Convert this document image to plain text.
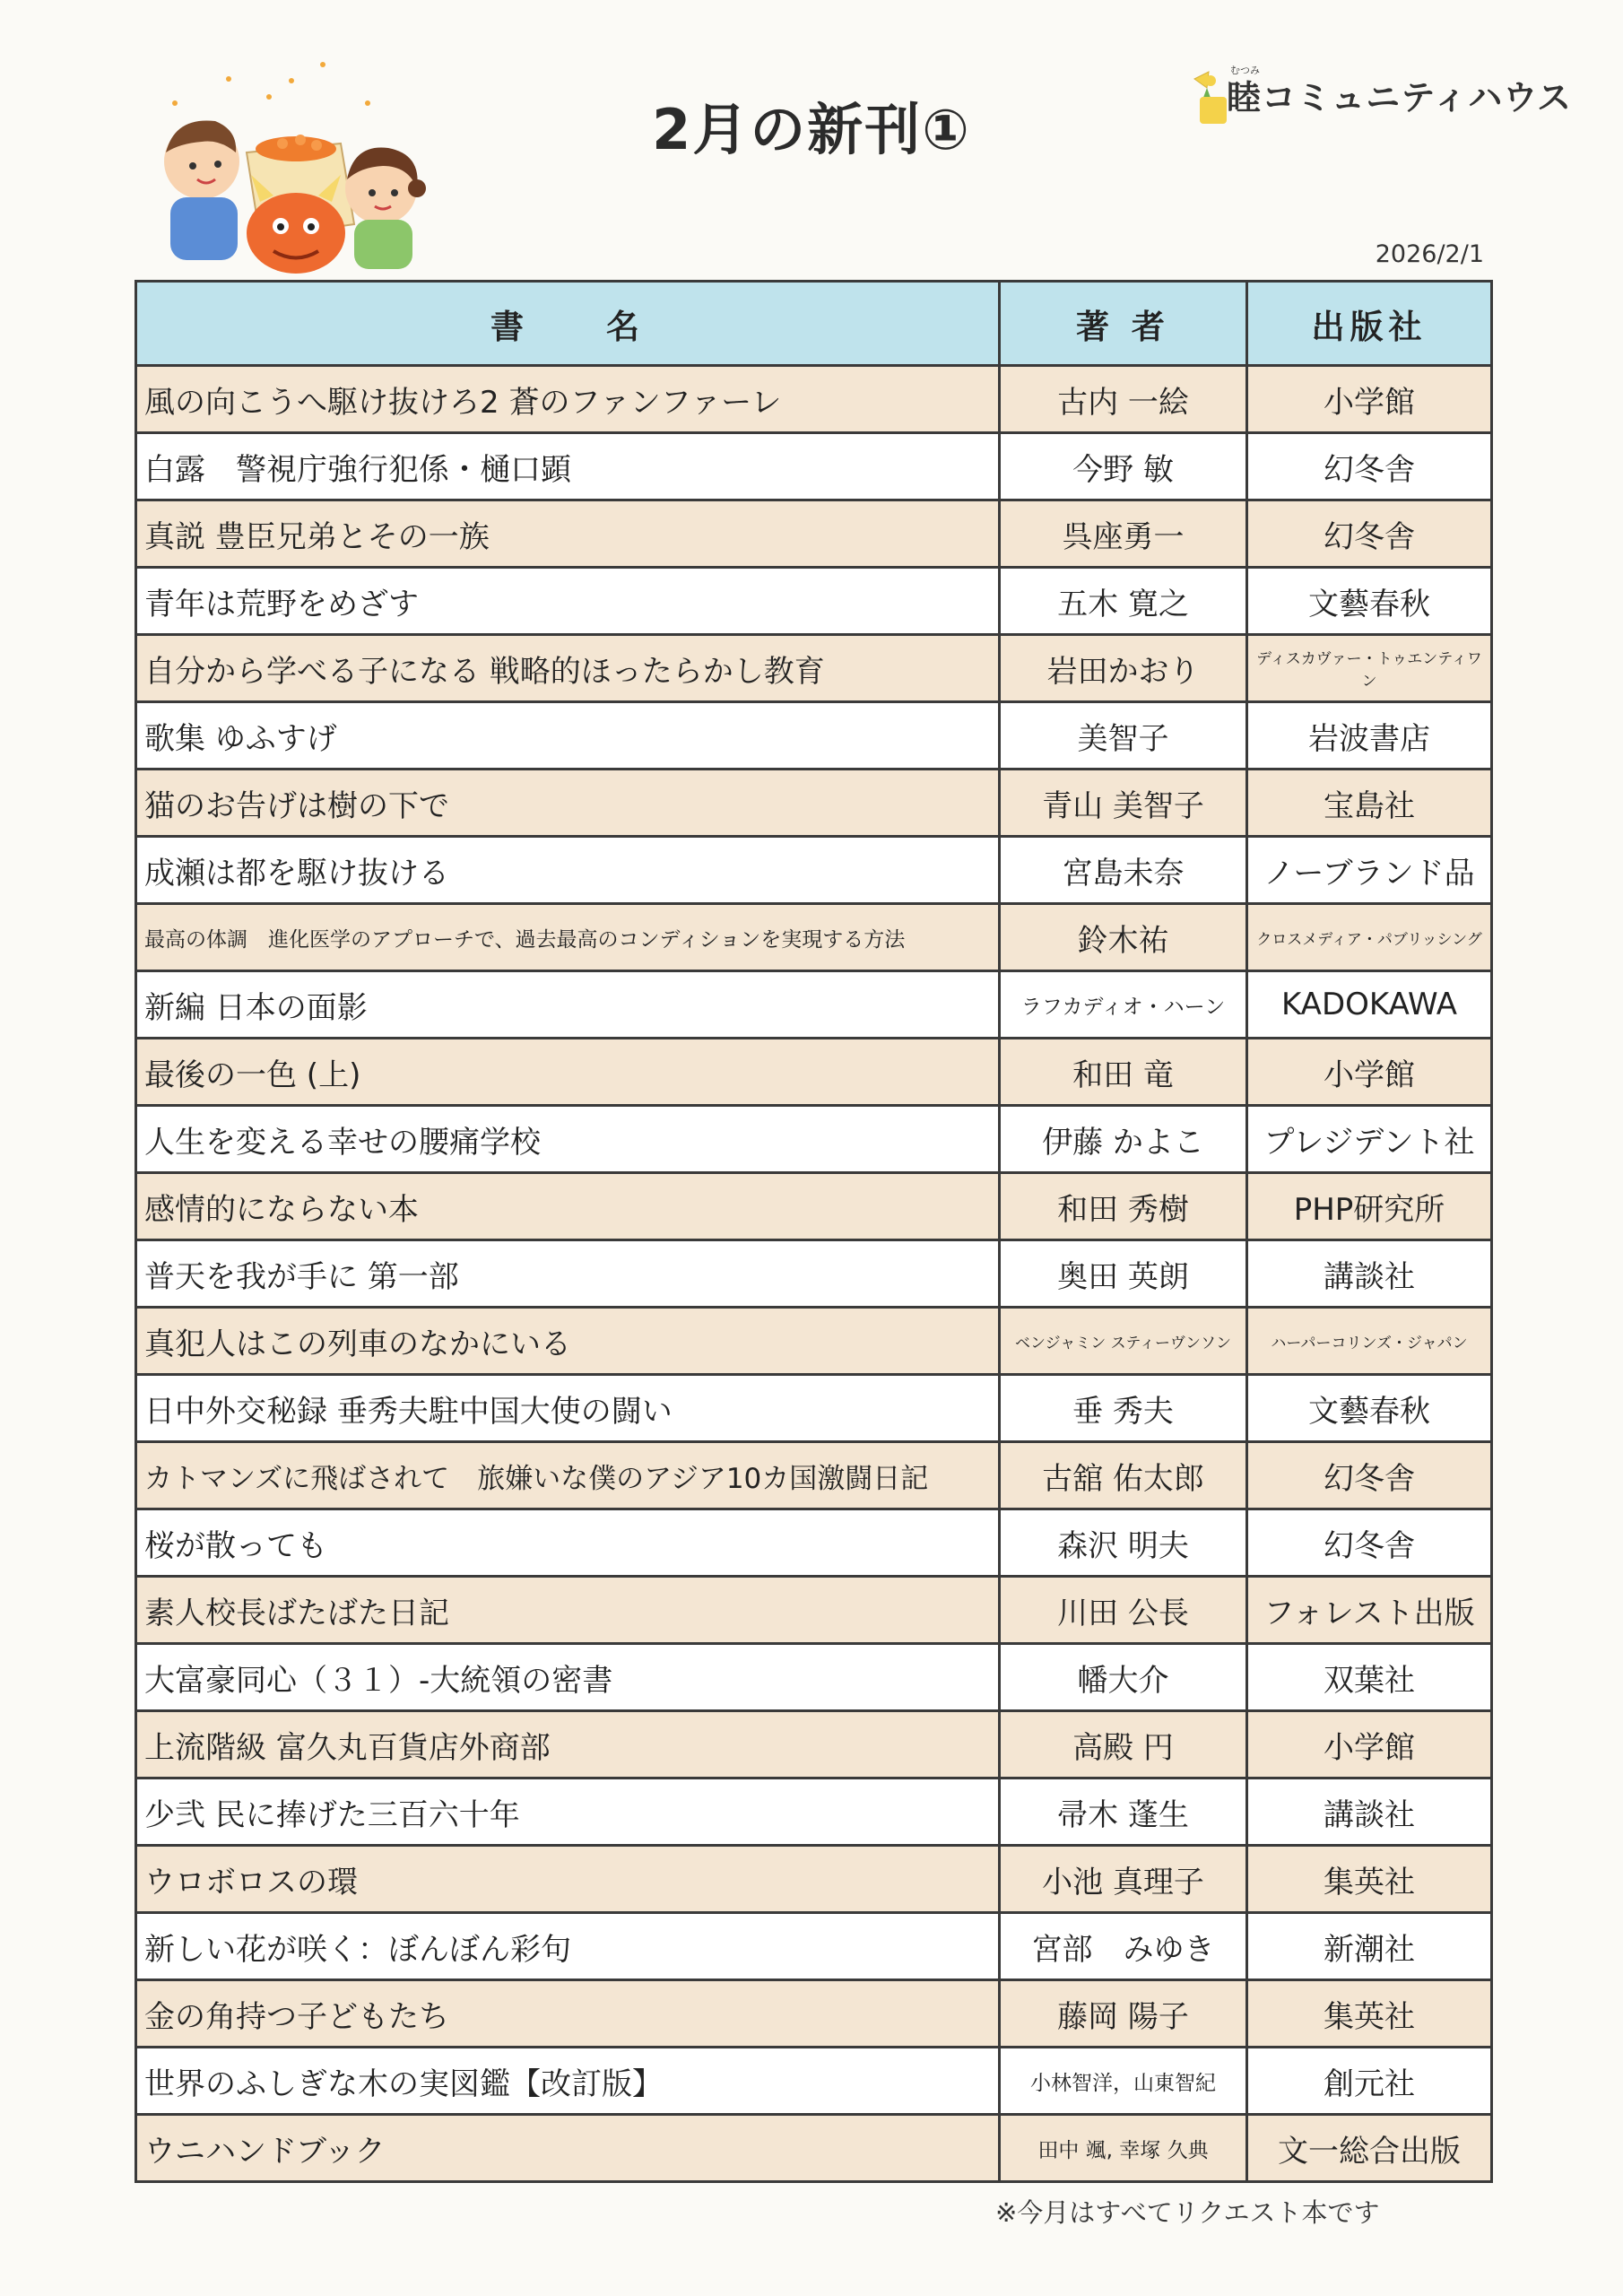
2月の新刊①
むつみ
睦コミュニティハウス
2026/2/1
書　　名	著 者	出版社
風の向こうへ駆け抜けろ2 蒼のファンファーレ	古内 一絵	小学館
白露　警視庁強行犯係・樋口顕	今野 敏	幻冬舎
真説 豊臣兄弟とその一族	呉座勇一	幻冬舎
青年は荒野をめざす	五木 寛之	文藝春秋
自分から学べる子になる 戦略的ほったらかし教育	岩田かおり	ディスカヴァー・トゥエンティワン
歌集 ゆふすげ	美智子	岩波書店
猫のお告げは樹の下で	青山 美智子	宝島社
成瀬は都を駆け抜ける	宮島未奈	ノーブランド品
最高の体調　進化医学のアプローチで、過去最高のコンディションを実現する方法	鈴木祐	クロスメディア・パブリッシング
新編 日本の面影	ラフカディオ・ハーン	KADOKAWA
最後の一色 (上)	和田 竜	小学館
人生を変える幸せの腰痛学校	伊藤 かよこ	プレジデント社
感情的にならない本	和田 秀樹	PHP研究所
普天を我が手に 第一部	奥田 英朗	講談社
真犯人はこの列車のなかにいる	ベンジャミン スティーヴンソン	ハーパーコリンズ・ジャパン
日中外交秘録 垂秀夫駐中国大使の闘い	垂 秀夫	文藝春秋
カトマンズに飛ばされて　旅嫌いな僕のアジア10カ国激闘日記	古舘 佑太郎	幻冬舎
桜が散っても	森沢 明夫	幻冬舎
素人校長ばたばた日記	川田 公長	フォレスト出版
大富豪同心（３１）-大統領の密書	幡大介	双葉社
上流階級 富久丸百貨店外商部	高殿 円	小学館
少弐 民に捧げた三百六十年	帚木 蓬生	講談社
ウロボロスの環	小池 真理子	集英社
新しい花が咲く：ぼんぼん彩句	宮部　みゆき	新潮社
金の角持つ子どもたち	藤岡 陽子	集英社
世界のふしぎな木の実図鑑【改訂版】	小林智洋，山東智紀	創元社
ウニハンドブック	田中 颯, 幸塚 久典	文一総合出版
※今月はすべてリクエスト本です
